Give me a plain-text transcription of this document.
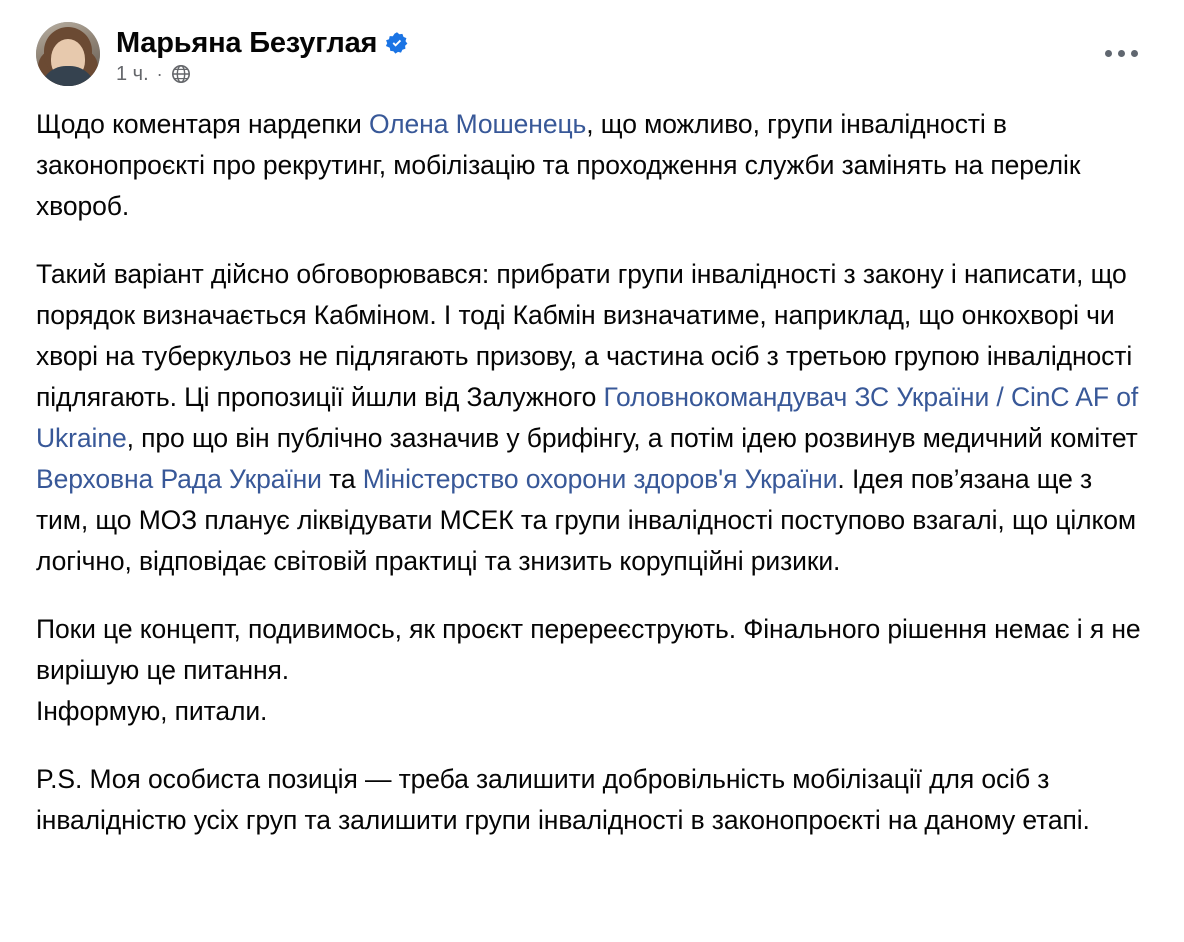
Марьяна Безуглая
1 ч. ·

Щодо коментаря нардепки Олена Мошенець, що можливо, групи інвалідності в законопроєкті про рекрутинг, мобілізацію та проходження служби замінять на перелік хвороб.

Такий варіант дійсно обговорювався: прибрати групи інвалідності з закону і написати, що порядок визначається Кабміном. І тоді Кабмін визначатиме, наприклад, що онкохворі чи хворі на туберкульоз не підлягають призову, а частина осіб з третьою групою інвалідності підлягають. Ці пропозиції йшли від Залужного Головнокомандувач ЗС України / CinC AF of Ukraine, про що він публічно зазначив у брифінгу, а потім ідею розвинув медичний комітет Верховна Рада України та Міністерство охорони здоров'я України. Ідея пов’язана ще з тим, що МОЗ планує ліквідувати МСЕК та групи інвалідності поступово взагалі, що цілком логічно, відповідає світовій практиці та знизить корупційні ризики.

Поки це концепт, подивимось, як проєкт перереєструють. Фінального рішення немає і я не вирішую це питання.
Інформую, питали.

P.S. Моя особиста позиція — треба залишити добровільність мобілізації для осіб з інвалідністю усіх груп та залишити групи інвалідності в законопроєкті на даному етапі.
